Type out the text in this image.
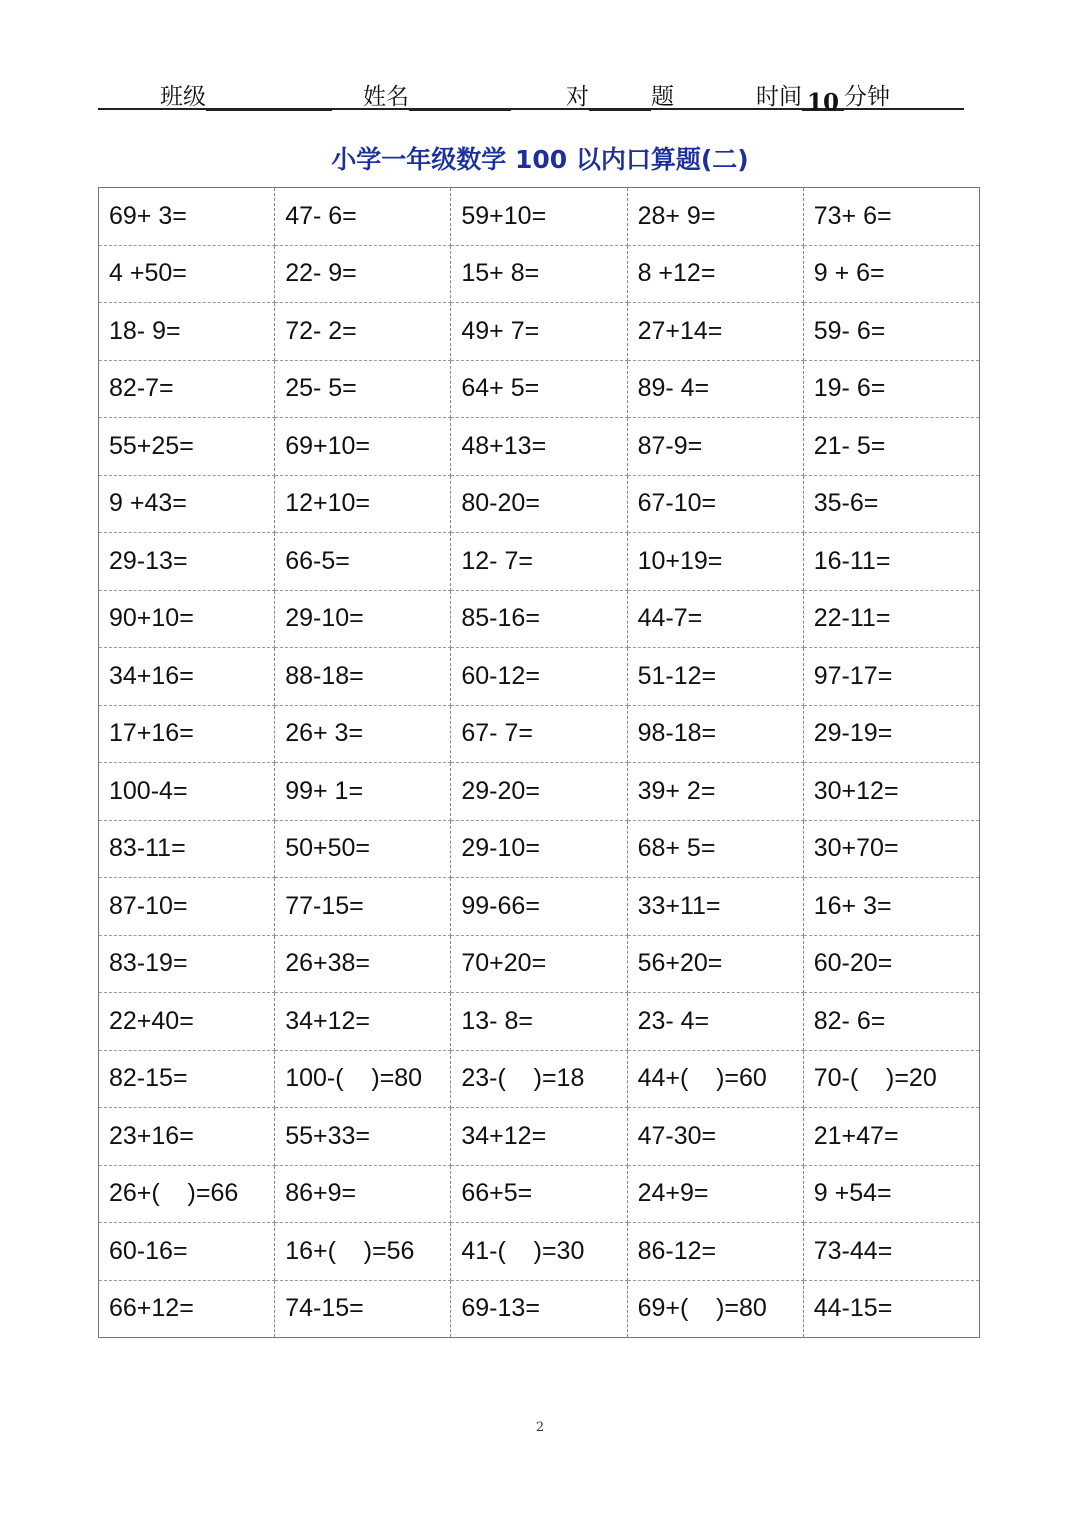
班级	姓名	对	题	时间 10 分钟
小学一年级数学 100 以内口算题(二)
69+ 3=	47- 6=	59+10=	28+ 9=	73+ 6=
4 +50=	22- 9=	15+ 8=	8 +12=	9 + 6=
18- 9=	72- 2=	49+ 7=	27+14=	59- 6=
82-7=	25- 5=	64+ 5=	89- 4=	19- 6=
55+25=	69+10=	48+13=	87-9=	21- 5=
9 +43=	12+10=	80-20=	67-10=	35-6=
29-13=	66-5=	12- 7=	10+19=	16-11=
90+10=	29-10=	85-16=	44-7=	22-11=
34+16=	88-18=	60-12=	51-12=	97-17=
17+16=	26+ 3=	67- 7=	98-18=	29-19=
100-4=	99+ 1=	29-20=	39+ 2=	30+12=
83-11=	50+50=	29-10=	68+ 5=	30+70=
87-10=	77-15=	99-66=	33+11=	16+ 3=
83-19=	26+38=	70+20=	56+20=	60-20=
22+40=	34+12=	13- 8=	23- 4=	82- 6=
82-15=	100-(    )=80	23-(    )=18	44+(    )=60	70-(    )=20
23+16=	55+33=	34+12=	47-30=	21+47=
26+(    )=66	86+9=	66+5=	24+9=	9 +54=
60-16=	16+(    )=56	41-(    )=30	86-12=	73-44=
66+12=	74-15=	69-13=	69+(    )=80	44-15=
2
